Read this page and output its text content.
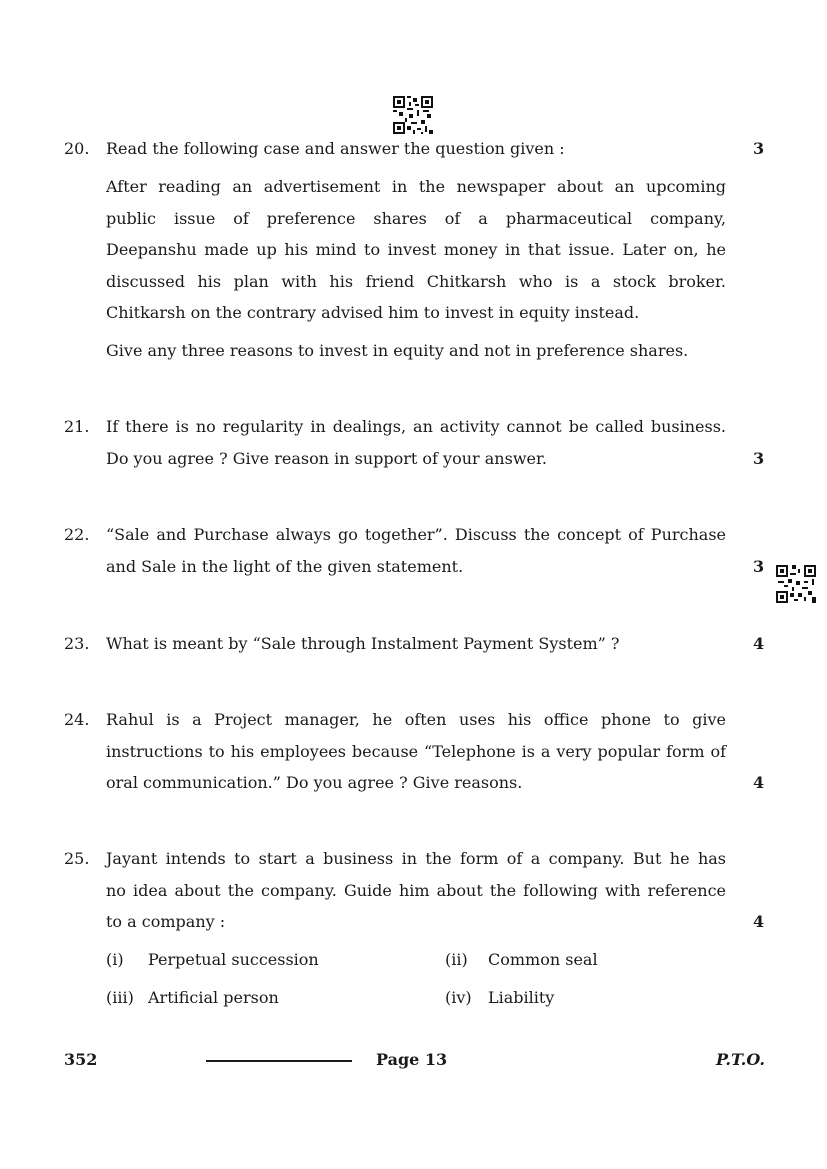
20. Read the following case and answer the question given :	3
After reading an advertisement in the newspaper about an upcoming
public issue of preference shares of a pharmaceutical company,
Deepanshu made up his mind to invest money in that issue. Later on, he
discussed his plan with his friend Chitkarsh who is a stock broker.
Chitkarsh on the contrary advised him to invest in equity instead.
Give any three reasons to invest in equity and not in preference shares.
21. If there is no regularity in dealings, an activity cannot be called business.
Do you agree ? Give reason in support of your answer.	3
22. “Sale and Purchase always go together”. Discuss the concept of Purchase
and Sale in the light of the given statement.	3
23. What is meant by “Sale through Instalment Payment System” ?	4
24. Rahul is a Project manager, he often uses his office phone to give
instructions to his employees because “Telephone is a very popular form of
oral communication.” Do you agree ? Give reasons.	4
25. Jayant intends to start a business in the form of a company. But he has
no idea about the company. Guide him about the following with reference
to a company :	4
(i) Perpetual succession	(ii) Common seal
(iii) Artificial person	(iv) Liability
352	Page 13	P.T.O.
